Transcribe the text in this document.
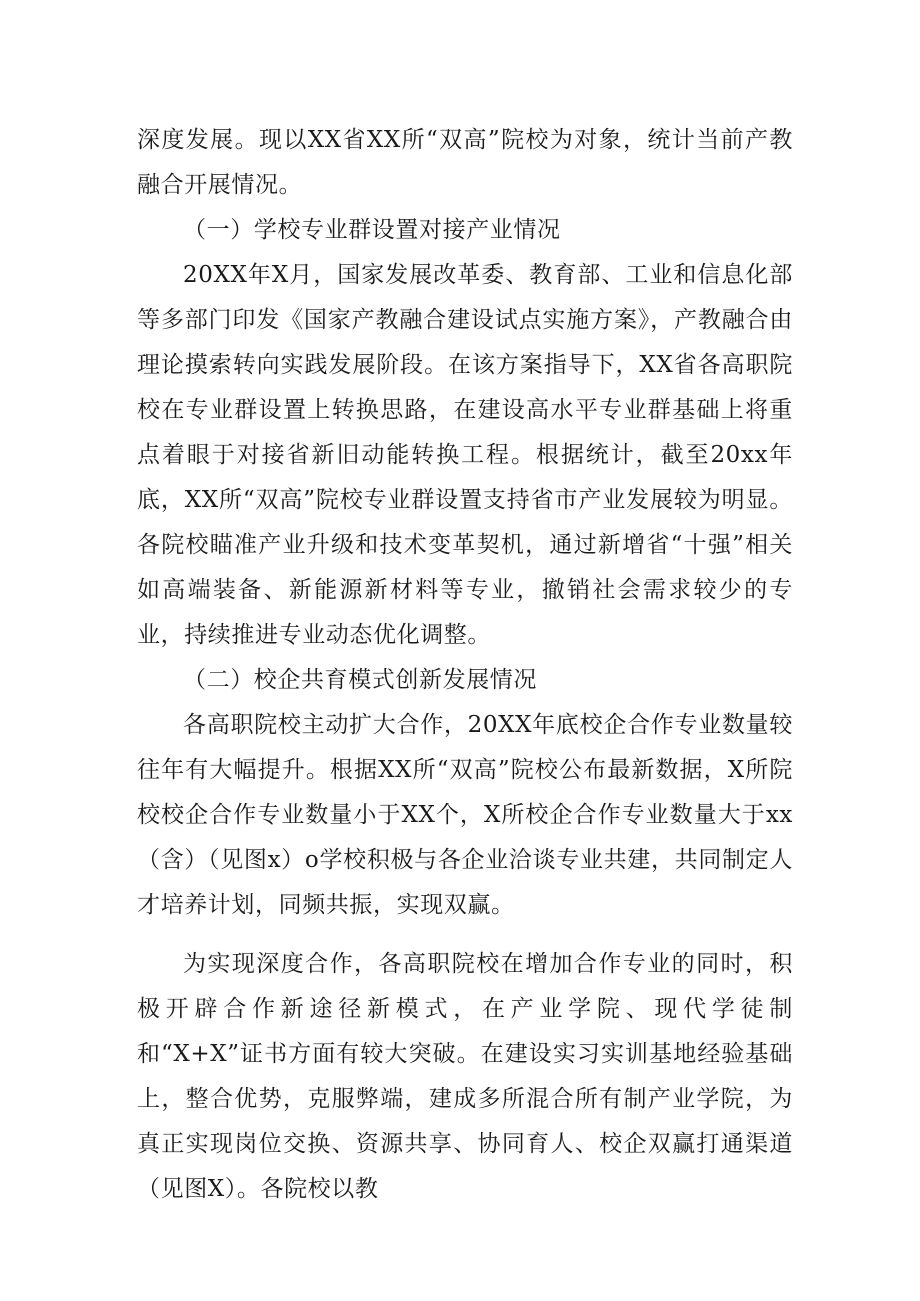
深度发展。现以XX省XX所“双高”院校为对象，统计当前产教融合开展情况。

（一）学校专业群设置对接产业情况

20XX年X月，国家发展改革委、教育部、工业和信息化部等多部门印发《国家产教融合建设试点实施方案》，产教融合由理论摸索转向实践发展阶段。在该方案指导下，XX省各高职院校在专业群设置上转换思路，在建设高水平专业群基础上将重点着眼于对接省新旧动能转换工程。根据统计，截至20xx年底，XX所“双高”院校专业群设置支持省市产业发展较为明显。各院校瞄准产业升级和技术变革契机，通过新增省“十强”相关如高端装备、新能源新材料等专业，撤销社会需求较少的专业，持续推进专业动态优化调整。

（二）校企共育模式创新发展情况

各高职院校主动扩大合作，20XX年底校企合作专业数量较往年有大幅提升。根据XX所“双高”院校公布最新数据，X所院校校企合作专业数量小于XX个，X所校企合作专业数量大于xx（含）（见图x）o学校积极与各企业洽谈专业共建，共同制定人才培养计划，同频共振，实现双赢。

为实现深度合作，各高职院校在增加合作专业的同时，积极开辟合作新途径新模式，在产业学院、现代学徒制和“X+X”证书方面有较大突破。在建设实习实训基地经验基础上，整合优势，克服弊端，建成多所混合所有制产业学院，为真正实现岗位交换、资源共享、协同育人、校企双赢打通渠道（见图X）。各院校以教
